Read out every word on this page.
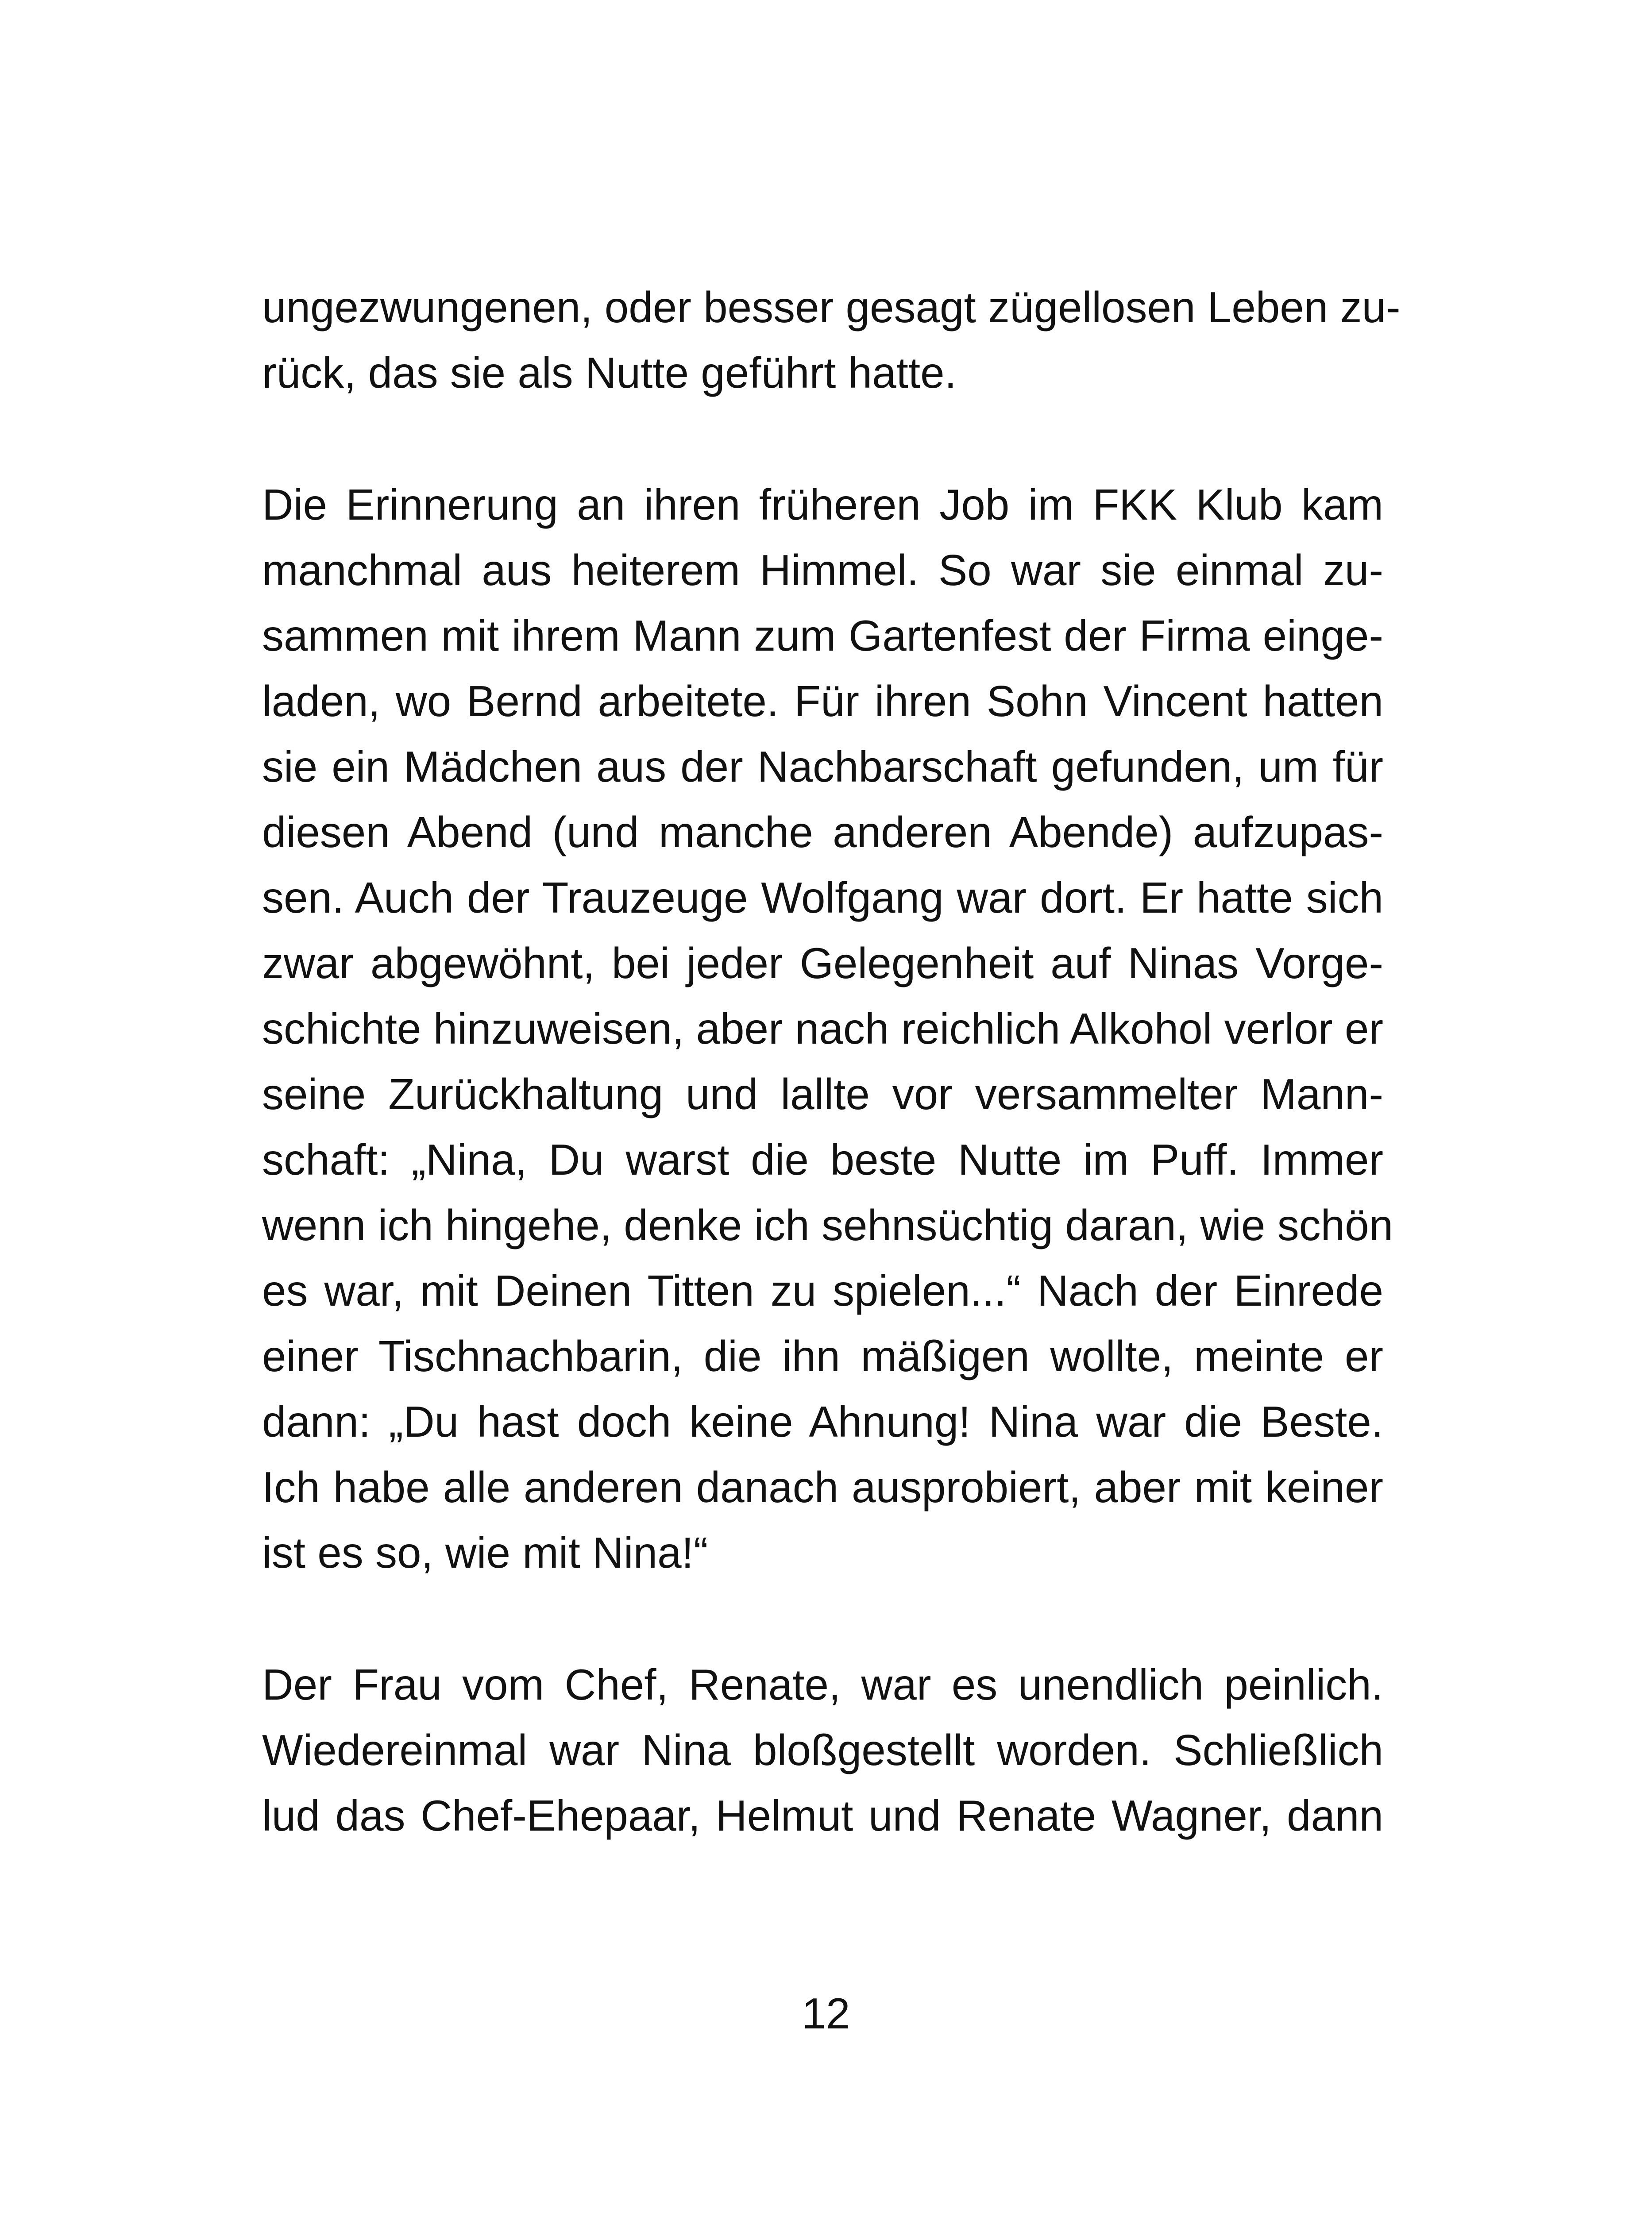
ungezwungenen, oder besser gesagt zügellosen Leben zu-
rück, das sie als Nutte geführt hatte.

Die Erinnerung an ihren früheren Job im FKK Klub kam
manchmal aus heiterem Himmel. So war sie einmal zu-
sammen mit ihrem Mann zum Gartenfest der Firma einge-
laden, wo Bernd arbeitete. Für ihren Sohn Vincent hatten
sie ein Mädchen aus der Nachbarschaft gefunden, um für
diesen Abend (und manche anderen Abende) aufzupas-
sen. Auch der Trauzeuge Wolfgang war dort. Er hatte sich
zwar abgewöhnt, bei jeder Gelegenheit auf Ninas Vorge-
schichte hinzuweisen, aber nach reichlich Alkohol verlor er
seine Zurückhaltung und lallte vor versammelter Mann-
schaft: „Nina, Du warst die beste Nutte im Puff. Immer
wenn ich hingehe, denke ich sehnsüchtig daran, wie schön
es war, mit Deinen Titten zu spielen...“ Nach der Einrede
einer Tischnachbarin, die ihn mäßigen wollte, meinte er
dann: „Du hast doch keine Ahnung! Nina war die Beste.
Ich habe alle anderen danach ausprobiert, aber mit keiner
ist es so, wie mit Nina!“

Der Frau vom Chef, Renate, war es unendlich peinlich.
Wiedereinmal war Nina bloßgestellt worden. Schließlich
lud das Chef-Ehepaar, Helmut und Renate Wagner, dann

12
